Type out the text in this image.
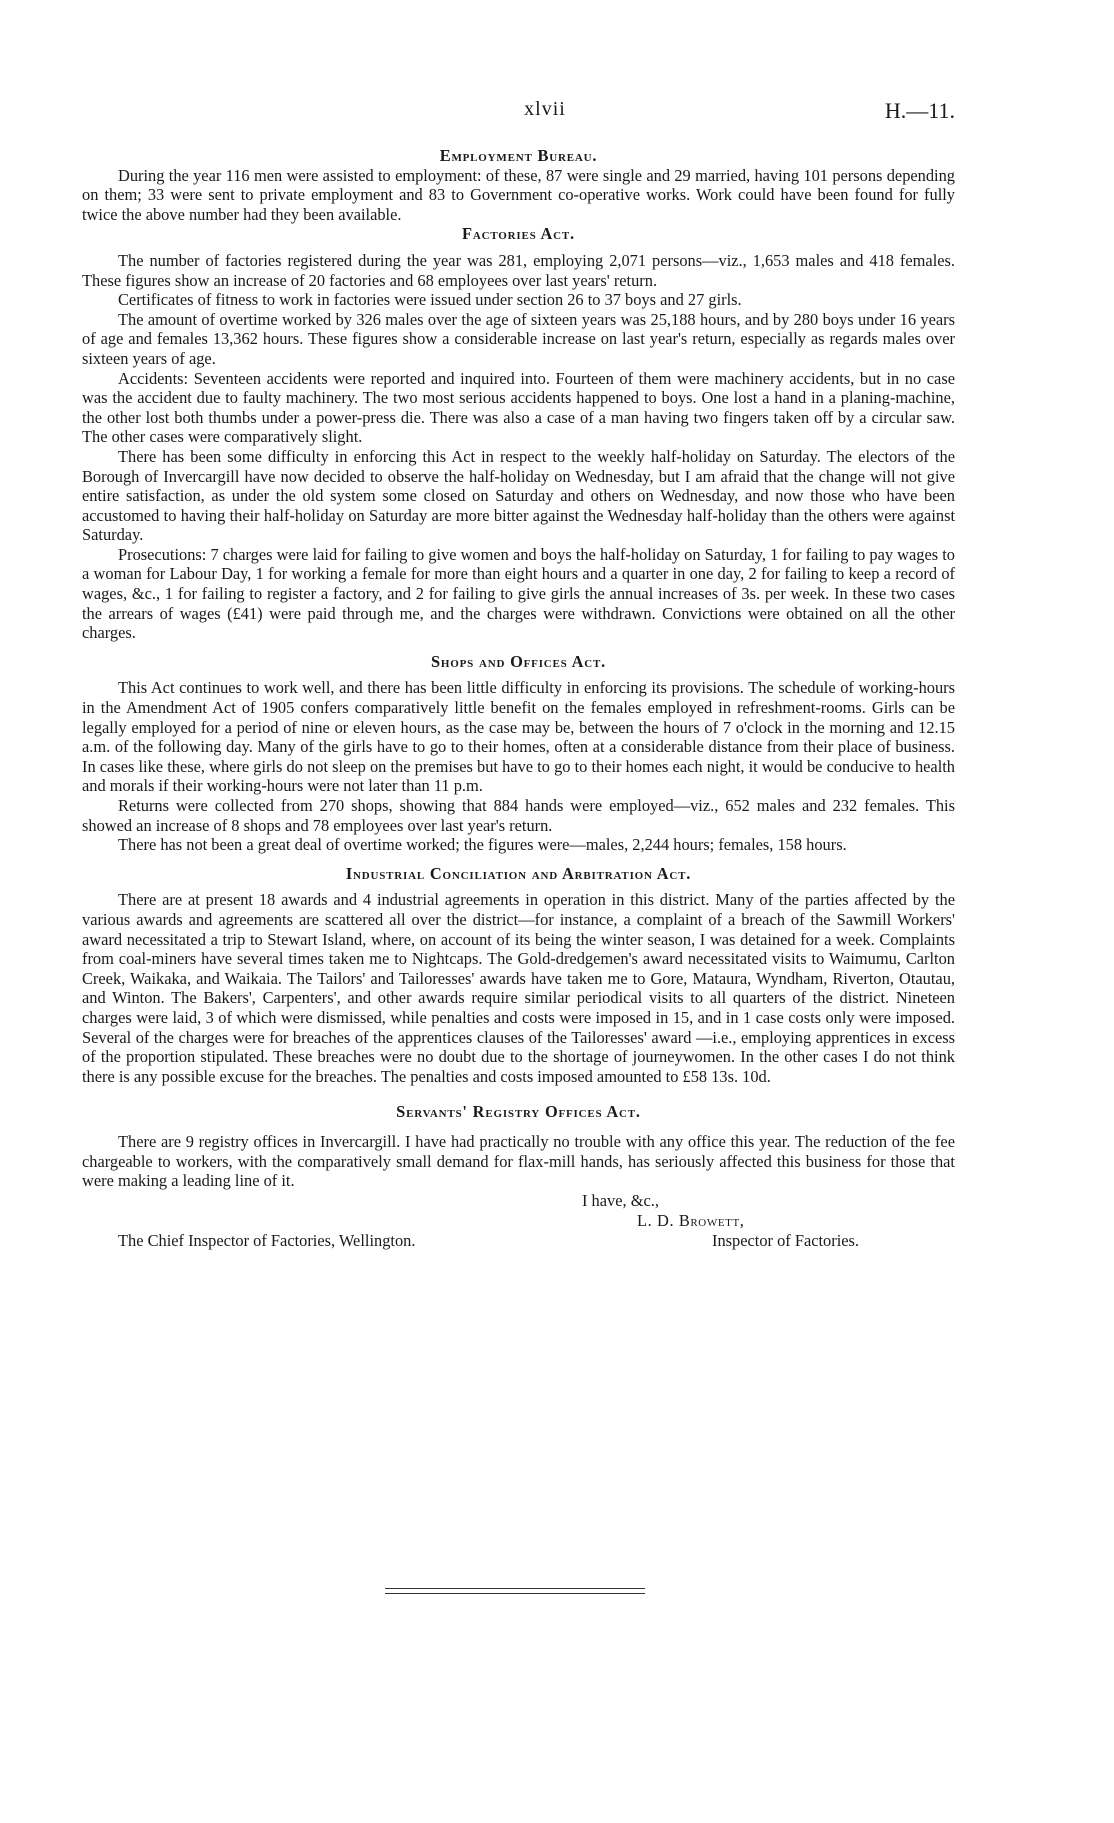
xlvii	H.—11.
Employment Bureau.

During the year 116 men were assisted to employment: of these, 87 were single and 29 married, having 101 persons depending on them; 33 were sent to private employment and 83 to Government co-operative works. Work could have been found for fully twice the above number had they been available.

Factories Act.

The number of factories registered during the year was 281, employing 2,071 persons—viz., 1,653 males and 418 females. These figures show an increase of 20 factories and 68 employees over last years' return.

Certificates of fitness to work in factories were issued under section 26 to 37 boys and 27 girls.

The amount of overtime worked by 326 males over the age of sixteen years was 25,188 hours, and by 280 boys under 16 years of age and females 13,362 hours. These figures show a considerable increase on last year's return, especially as regards males over sixteen years of age.

Accidents: Seventeen accidents were reported and inquired into. Fourteen of them were machinery accidents, but in no case was the accident due to faulty machinery. The two most serious accidents happened to boys. One lost a hand in a planing-machine, the other lost both thumbs under a power-press die. There was also a case of a man having two fingers taken off by a circular saw. The other cases were comparatively slight.

There has been some difficulty in enforcing this Act in respect to the weekly half-holiday on Saturday. The electors of the Borough of Invercargill have now decided to observe the half-holiday on Wednesday, but I am afraid that the change will not give entire satisfaction, as under the old system some closed on Saturday and others on Wednesday, and now those who have been accustomed to having their half-holiday on Saturday are more bitter against the Wednesday half-holiday than the others were against Saturday.

Prosecutions: 7 charges were laid for failing to give women and boys the half-holiday on Saturday, 1 for failing to pay wages to a woman for Labour Day, 1 for working a female for more than eight hours and a quarter in one day, 2 for failing to keep a record of wages, &c., 1 for failing to register a factory, and 2 for failing to give girls the annual increases of 3s. per week. In these two cases the arrears of wages (£41) were paid through me, and the charges were withdrawn. Convictions were obtained on all the other charges.

Shops and Offices Act.

This Act continues to work well, and there has been little difficulty in enforcing its provisions. The schedule of working-hours in the Amendment Act of 1905 confers comparatively little benefit on the females employed in refreshment-rooms. Girls can be legally employed for a period of nine or eleven hours, as the case may be, between the hours of 7 o'clock in the morning and 12.15 a.m. of the following day. Many of the girls have to go to their homes, often at a considerable distance from their place of business. In cases like these, where girls do not sleep on the premises but have to go to their homes each night, it would be conducive to health and morals if their working-hours were not later than 11 p.m.

Returns were collected from 270 shops, showing that 884 hands were employed—viz., 652 males and 232 females. This showed an increase of 8 shops and 78 employees over last year's return.

There has not been a great deal of overtime worked; the figures were—males, 2,244 hours; females, 158 hours.

Industrial Conciliation and Arbitration Act.

There are at present 18 awards and 4 industrial agreements in operation in this district. Many of the parties affected by the various awards and agreements are scattered all over the district—for instance, a complaint of a breach of the Sawmill Workers' award necessitated a trip to Stewart Island, where, on account of its being the winter season, I was detained for a week. Complaints from coal-miners have several times taken me to Nightcaps. The Gold-dredgemen's award necessitated visits to Waimumu, Carlton Creek, Waikaka, and Waikaia. The Tailors' and Tailoresses' awards have taken me to Gore, Mataura, Wyndham, Riverton, Otautau, and Winton. The Bakers', Carpenters', and other awards require similar periodical visits to all quarters of the district. Nineteen charges were laid, 3 of which were dismissed, while penalties and costs were imposed in 15, and in 1 case costs only were imposed. Several of the charges were for breaches of the apprentices clauses of the Tailoresses' award —i.e., employing apprentices in excess of the proportion stipulated. These breaches were no doubt due to the shortage of journeywomen. In the other cases I do not think there is any possible excuse for the breaches. The penalties and costs imposed amounted to £58 13s. 10d.

Servants' Registry Offices Act.

There are 9 registry offices in Invercargill. I have had practically no trouble with any office this year. The reduction of the fee chargeable to workers, with the comparatively small demand for flax-mill hands, has seriously affected this business for those that were making a leading line of it.

I have, &c.,
L. D. Browett,
The Chief Inspector of Factories, Wellington.	Inspector of Factories.
